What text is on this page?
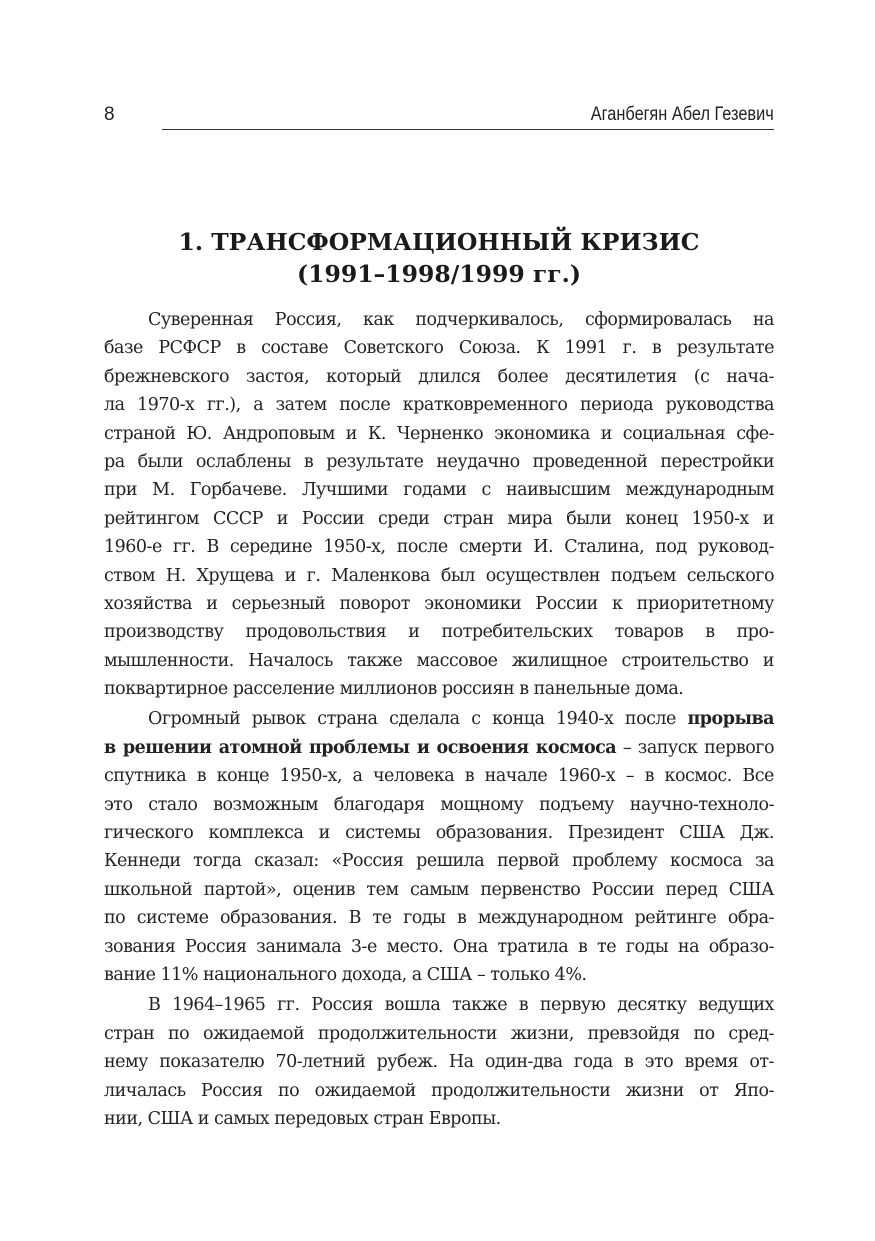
8	Аганбегян Абел Гезевич
1. ТРАНСФОРМАЦИОННЫЙ КРИЗИС
(1991–1998/1999 гг.)
Суверенная Россия, как подчеркивалось, сформировалась на
базе РСФСР в составе Советского Союза. К 1991 г. в результате
брежневского застоя, который длился более десятилетия (с нача-
ла 1970-х гг.), а затем после кратковременного периода руководства
страной Ю. Андроповым и К. Черненко экономика и социальная сфе-
ра были ослаблены в результате неудачно проведенной перестройки
при М. Горбачеве. Лучшими годами с наивысшим международным
рейтингом СССР и России среди стран мира были конец 1950-х и
1960-е гг. В середине 1950-х, после смерти И. Сталина, под руковод-
ством Н. Хрущева и г. Маленкова был осуществлен подъем сельского
хозяйства и серьезный поворот экономики России к приоритетному
производству продовольствия и потребительских товаров в про-
мышленности. Началось также массовое жилищное строительство и
поквартирное расселение миллионов россиян в панельные дома.
Огромный рывок страна сделала с конца 1940-х после прорыва
в решении атомной проблемы и освоения космоса – запуск первого
спутника в конце 1950-х, а человека в начале 1960-х – в космос. Все
это стало возможным благодаря мощному подъему научно-техноло-
гического комплекса и системы образования. Президент США Дж.
Кеннеди тогда сказал: «Россия решила первой проблему космоса за
школьной партой», оценив тем самым первенство России перед США
по системе образования. В те годы в международном рейтинге обра-
зования Россия занимала 3-е место. Она тратила в те годы на образо-
вание 11% национального дохода, а США – только 4%.
В 1964–1965 гг. Россия вошла также в первую десятку ведущих
стран по ожидаемой продолжительности жизни, превзойдя по сред-
нему показателю 70-летний рубеж. На один-два года в это время от-
личалась Россия по ожидаемой продолжительности жизни от Япо-
нии, США и самых передовых стран Европы.
